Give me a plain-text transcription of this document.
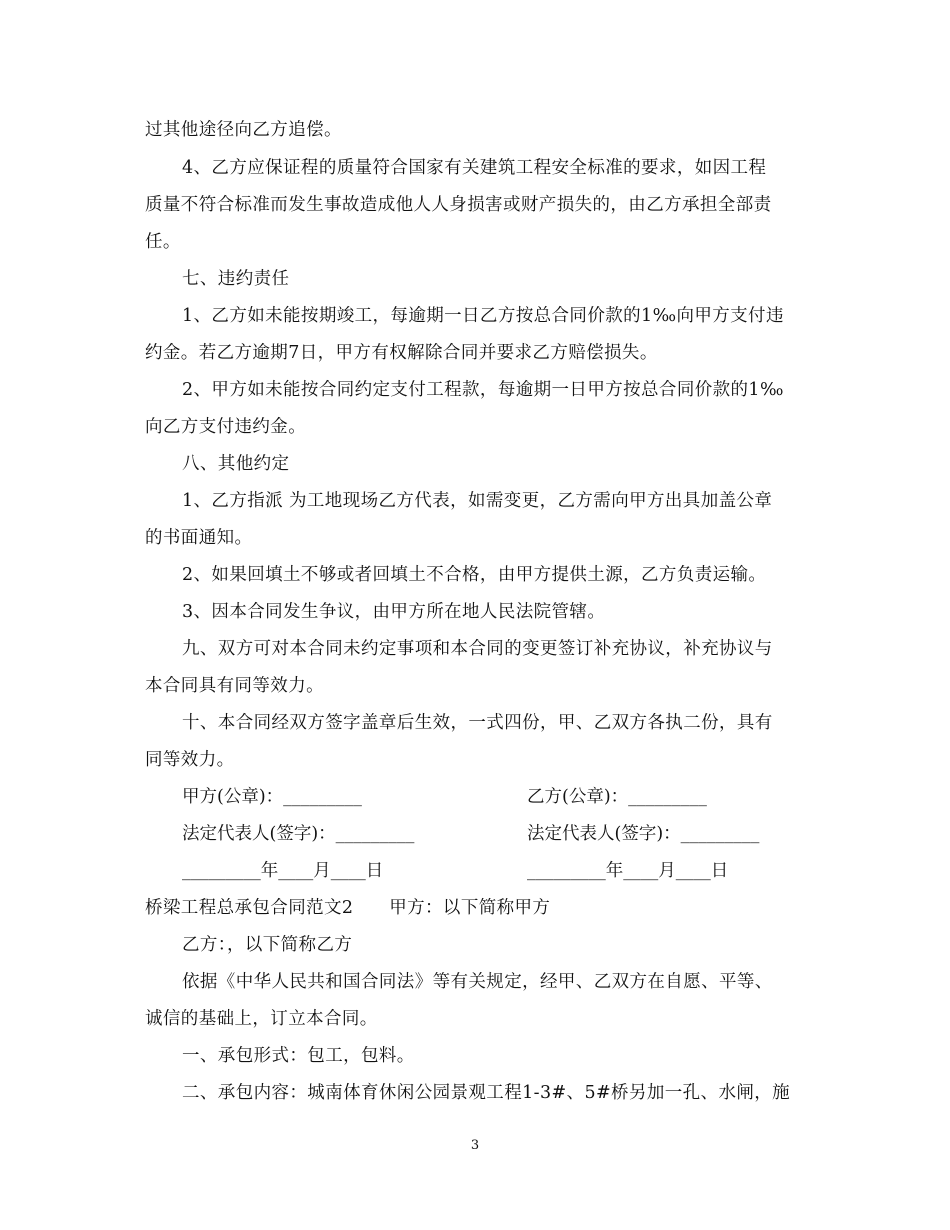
过其他途径向乙方追偿。
4、乙方应保证程的质量符合国家有关建筑工程安全标准的要求，如因工程
质量不符合标准而发生事故造成他人人身损害或财产损失的，由乙方承担全部责
任。
七、违约责任
1、乙方如未能按期竣工，每逾期一日乙方按总合同价款的1‰向甲方支付违
约金。若乙方逾期7日，甲方有权解除合同并要求乙方赔偿损失。
2、甲方如未能按合同约定支付工程款，每逾期一日甲方按总合同价款的1‰
向乙方支付违约金。
八、其他约定
1、乙方指派 为工地现场乙方代表，如需变更，乙方需向甲方出具加盖公章
的书面通知。
2、如果回填土不够或者回填土不合格，由甲方提供土源，乙方负责运输。
3、因本合同发生争议，由甲方所在地人民法院管辖。
九、双方可对本合同未约定事项和本合同的变更签订补充协议，补充协议与
本合同具有同等效力。
十、本合同经双方签字盖章后生效，一式四份，甲、乙双方各执二份，具有
同等效力。
甲方(公章)：_________	乙方(公章)：_________
法定代表人(签字)：_________	法定代表人(签字)：_________
_________年____月____日	_________年____月____日
桥梁工程总承包合同范文2　　甲方：以下简称甲方
乙方：，以下简称乙方
依据《中华人民共和国合同法》等有关规定，经甲、乙双方在自愿、平等、
诚信的基础上，订立本合同。
一、承包形式：包工，包料。
二、承包内容：城南体育休闲公园景观工程1-3#、5#桥另加一孔、水闸，施
3
